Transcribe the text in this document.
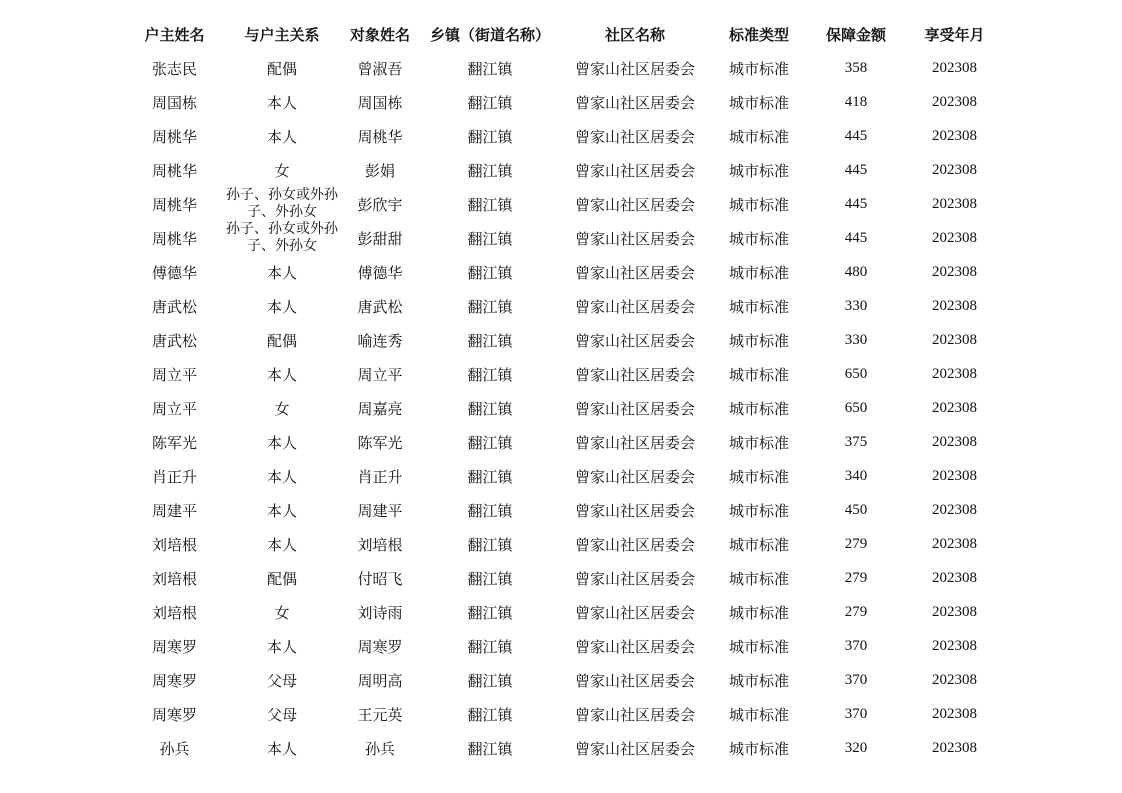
户主姓名	与户主关系	对象姓名	乡镇（街道名称）	社区名称	标准类型	保障金额	享受年月
张志民	配偶	曾淑吾	翻江镇	曾家山社区居委会	城市标准	358	202308
周国栋	本人	周国栋	翻江镇	曾家山社区居委会	城市标准	418	202308
周桃华	本人	周桃华	翻江镇	曾家山社区居委会	城市标准	445	202308
周桃华	女	彭娟	翻江镇	曾家山社区居委会	城市标准	445	202308
周桃华	孙子、孙女或外孙子、外孙女	彭欣宇	翻江镇	曾家山社区居委会	城市标准	445	202308
周桃华	孙子、孙女或外孙子、外孙女	彭甜甜	翻江镇	曾家山社区居委会	城市标准	445	202308
傅德华	本人	傅德华	翻江镇	曾家山社区居委会	城市标准	480	202308
唐武松	本人	唐武松	翻江镇	曾家山社区居委会	城市标准	330	202308
唐武松	配偶	喻连秀	翻江镇	曾家山社区居委会	城市标准	330	202308
周立平	本人	周立平	翻江镇	曾家山社区居委会	城市标准	650	202308
周立平	女	周嘉亮	翻江镇	曾家山社区居委会	城市标准	650	202308
陈军光	本人	陈军光	翻江镇	曾家山社区居委会	城市标准	375	202308
肖正升	本人	肖正升	翻江镇	曾家山社区居委会	城市标准	340	202308
周建平	本人	周建平	翻江镇	曾家山社区居委会	城市标准	450	202308
刘培根	本人	刘培根	翻江镇	曾家山社区居委会	城市标准	279	202308
刘培根	配偶	付昭飞	翻江镇	曾家山社区居委会	城市标准	279	202308
刘培根	女	刘诗雨	翻江镇	曾家山社区居委会	城市标准	279	202308
周寒罗	本人	周寒罗	翻江镇	曾家山社区居委会	城市标准	370	202308
周寒罗	父母	周明高	翻江镇	曾家山社区居委会	城市标准	370	202308
周寒罗	父母	王元英	翻江镇	曾家山社区居委会	城市标准	370	202308
孙兵	本人	孙兵	翻江镇	曾家山社区居委会	城市标准	320	202308
